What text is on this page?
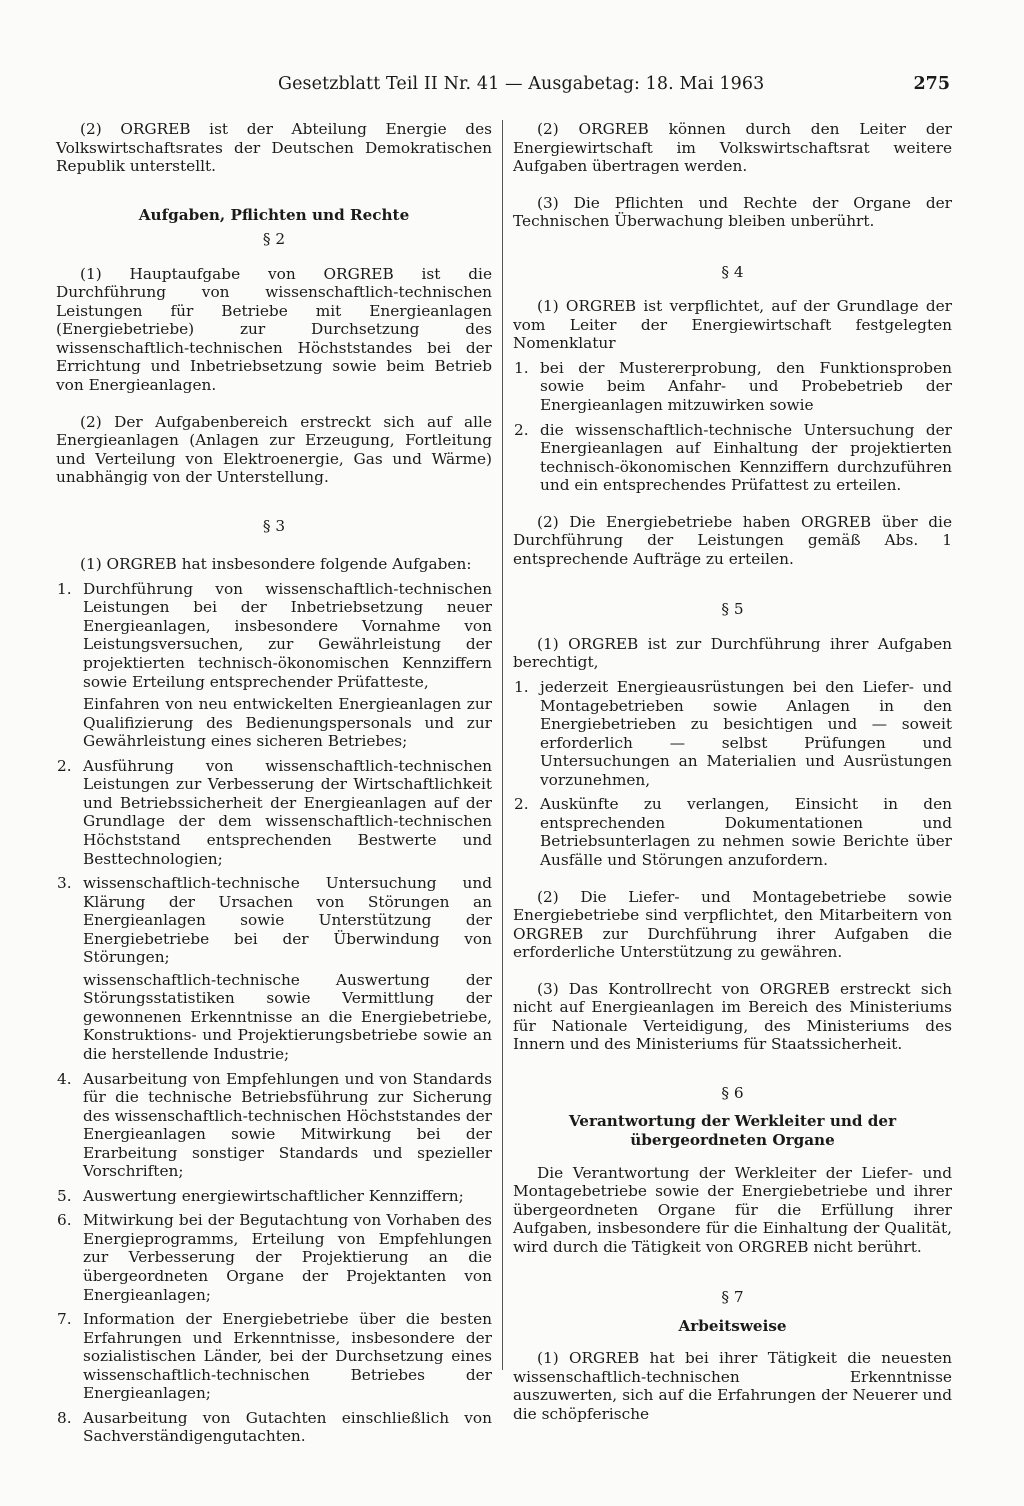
Gesetzblatt Teil II Nr. 41 — Ausgabetag: 18. Mai 1963	275

(2) ORGREB ist der Abteilung Energie des Volkswirtschaftsrates der Deutschen Demokratischen Republik unterstellt.

Aufgaben, Pflichten und Rechte

§ 2

(1) Hauptaufgabe von ORGREB ist die Durchführung von wissenschaftlich-technischen Leistungen für Betriebe mit Energieanlagen (Energiebetriebe) zur Durchsetzung des wissenschaftlich-technischen Höchststandes bei der Errichtung und Inbetriebsetzung sowie beim Betrieb von Energieanlagen.

(2) Der Aufgabenbereich erstreckt sich auf alle Energieanlagen (Anlagen zur Erzeugung, Fortleitung und Verteilung von Elektroenergie, Gas und Wärme) unabhängig von der Unterstellung.

§ 3

(1) ORGREB hat insbesondere folgende Aufgaben:

1. Durchführung von wissenschaftlich-technischen Leistungen bei der Inbetriebsetzung neuer Energieanlagen, insbesondere Vornahme von Leistungsversuchen, zur Gewährleistung der projektierten technisch-ökonomischen Kennziffern sowie Erteilung entsprechender Prüfatteste,

Einfahren von neu entwickelten Energieanlagen zur Qualifizierung des Bedienungspersonals und zur Gewährleistung eines sicheren Betriebes;

2. Ausführung von wissenschaftlich-technischen Leistungen zur Verbesserung der Wirtschaftlichkeit und Betriebssicherheit der Energieanlagen auf der Grundlage der dem wissenschaftlich-technischen Höchststand entsprechenden Bestwerte und Besttechnologien;

3. wissenschaftlich-technische Untersuchung und Klärung der Ursachen von Störungen an Energieanlagen sowie Unterstützung der Energiebetriebe bei der Überwindung von Störungen;

wissenschaftlich-technische Auswertung der Störungsstatistiken sowie Vermittlung der gewonnenen Erkenntnisse an die Energiebetriebe, Konstruktions- und Projektierungsbetriebe sowie an die herstellende Industrie;

4. Ausarbeitung von Empfehlungen und von Standards für die technische Betriebsführung zur Sicherung des wissenschaftlich-technischen Höchststandes der Energieanlagen sowie Mitwirkung bei der Erarbeitung sonstiger Standards und spezieller Vorschriften;

5. Auswertung energiewirtschaftlicher Kennziffern;

6. Mitwirkung bei der Begutachtung von Vorhaben des Energieprogramms, Erteilung von Empfehlungen zur Verbesserung der Projektierung an die übergeordneten Organe der Projektanten von Energieanlagen;

7. Information der Energiebetriebe über die besten Erfahrungen und Erkenntnisse, insbesondere der sozialistischen Länder, bei der Durchsetzung eines wissenschaftlich-technischen Betriebes der Energieanlagen;

8. Ausarbeitung von Gutachten einschließlich von Sachverständigengutachten.

(2) ORGREB können durch den Leiter der Energiewirtschaft im Volkswirtschaftsrat weitere Aufgaben übertragen werden.

(3) Die Pflichten und Rechte der Organe der Technischen Überwachung bleiben unberührt.

§ 4

(1) ORGREB ist verpflichtet, auf der Grundlage der vom Leiter der Energiewirtschaft festgelegten Nomenklatur

1. bei der Mustererprobung, den Funktionsproben sowie beim Anfahr- und Probebetrieb der Energieanlagen mitzuwirken sowie

2. die wissenschaftlich-technische Untersuchung der Energieanlagen auf Einhaltung der projektierten technisch-ökonomischen Kennziffern durchzuführen und ein entsprechendes Prüfattest zu erteilen.

(2) Die Energiebetriebe haben ORGREB über die Durchführung der Leistungen gemäß Abs. 1 entsprechende Aufträge zu erteilen.

§ 5

(1) ORGREB ist zur Durchführung ihrer Aufgaben berechtigt,

1. jederzeit Energieausrüstungen bei den Liefer- und Montagebetrieben sowie Anlagen in den Energiebetrieben zu besichtigen und — soweit erforderlich — selbst Prüfungen und Untersuchungen an Materialien und Ausrüstungen vorzunehmen,

2. Auskünfte zu verlangen, Einsicht in den entsprechenden Dokumentationen und Betriebsunterlagen zu nehmen sowie Berichte über Ausfälle und Störungen anzufordern.

(2) Die Liefer- und Montagebetriebe sowie Energiebetriebe sind verpflichtet, den Mitarbeitern von ORGREB zur Durchführung ihrer Aufgaben die erforderliche Unterstützung zu gewähren.

(3) Das Kontrollrecht von ORGREB erstreckt sich nicht auf Energieanlagen im Bereich des Ministeriums für Nationale Verteidigung, des Ministeriums des Innern und des Ministeriums für Staatssicherheit.

§ 6

Verantwortung der Werkleiter und der übergeordneten Organe

Die Verantwortung der Werkleiter der Liefer- und Montagebetriebe sowie der Energiebetriebe und ihrer übergeordneten Organe für die Erfüllung ihrer Aufgaben, insbesondere für die Einhaltung der Qualität, wird durch die Tätigkeit von ORGREB nicht berührt.

§ 7

Arbeitsweise

(1) ORGREB hat bei ihrer Tätigkeit die neuesten wissenschaftlich-technischen Erkenntnisse auszuwerten, sich auf die Erfahrungen der Neuerer und die schöpferische
